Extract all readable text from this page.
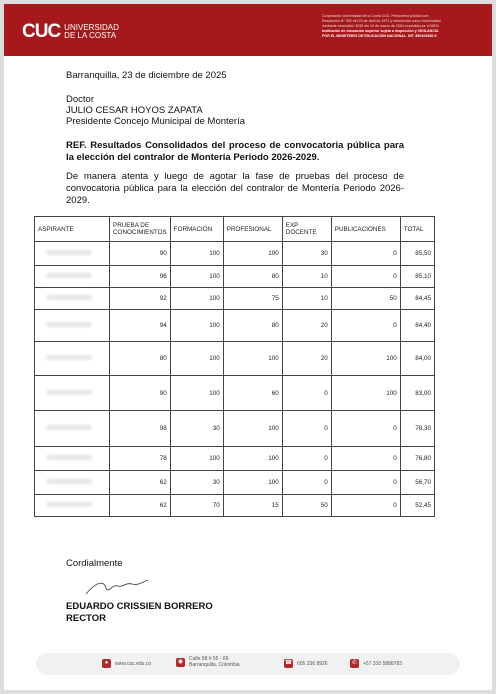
CUC UNIVERSIDAD
DE LA COSTA
Corporación Universidad de la Costa CUC. Personería jurídica con
Resolución N° 352 del 23 de abril de 1971 y reconocida como Universidad
mediante resolución 3235 del 19 de marzo de 2004 expedida por el MEN.
Institución de educación superior sujeta a inspección y VIGILANCIA
POR EL MINISTERIO DE EDUCACIÓN NACIONAL. NIT. 890104530-9
Barranquilla, 23 de diciembre de 2025
Doctor
JULIO CESAR HOYOS ZAPATA
Presidente Concejo Municipal de Montería
REF. Resultados Consolidados del proceso de convocatoria pública para la elección del contralor de Montería Periodo 2026-2029.
De manera atenta y luego de agotar la fase de pruebas del proceso de convocatoria pública para la elección del contralor de Montería Periodo 2026-2029.
ASPIRANTE	PRUEBA DE CONOCIMIENTOS	FORMACIÓN	PROFESIONAL	EXP DOCENTE	PUBLICACIONES	TOTAL
	90	100	100	30	0	85,50
	96	100	80	10	0	85,10
	92	100	75	10	50	84,45
	94	100	80	20	0	84,40
	80	100	100	20	100	84,00
	90	100	60	0	100	83,00
	98	30	100	0	0	78,30
	78	100	100	0	0	76,80
	62	30	100	0	0	56,70
	62	70	15	50	0	52,45
Cordialmente
EDUARDO CRISSIEN BORRERO
RECTOR
●	www.cuc.edu.co	◉	Calle 58 # 55 - 66
Barranquilla, Colombia	☎ 605 336 8926	✆	+57 310 5888783
